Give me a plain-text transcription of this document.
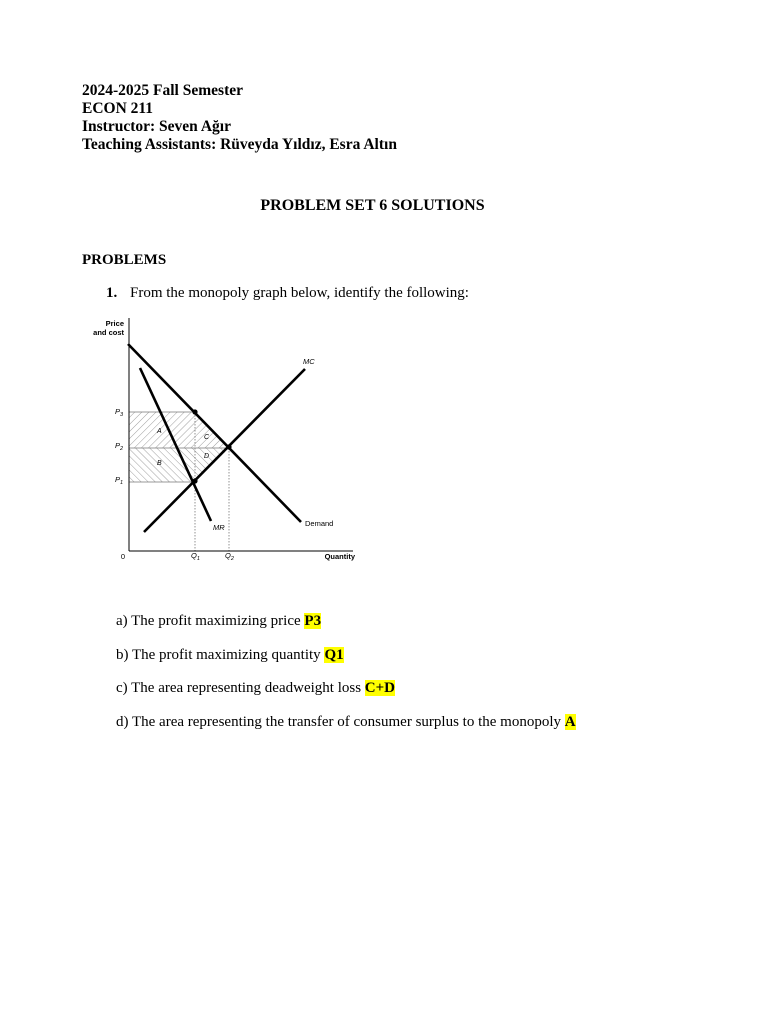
2024-2025 Fall Semester
ECON 211
Instructor: Seven Ağır
Teaching Assistants: Rüveyda Yıldız, Esra Altın
PROBLEM SET 6 SOLUTIONS
PROBLEMS
1. From the monopoly graph below, identify the following:
Price
and cost
Quantity
0
MC
Demand
MR
$P_3$
$P_2$
$P_1$
$Q_1$	$Q_2$
A
B
C
D
a) The profit maximizing price P3
b) The profit maximizing quantity Q1
c) The area representing deadweight loss C+D
d) The area representing the transfer of consumer surplus to the monopoly A
